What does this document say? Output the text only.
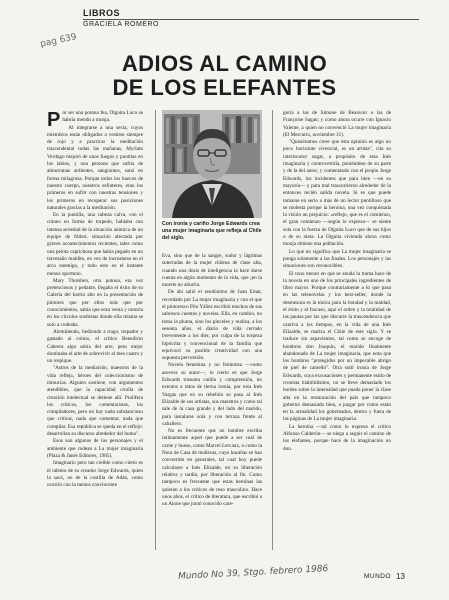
LIBROS
GRACIELA ROMERO
pag 639
ADIOS AL CAMINO
DE LOS ELEFANTES

Por ser una potona fea, Olguita Luco se habría metido a monja.

Al integrarse a una secta, cuyos miembros están obligados a vestirse siempre de rojo y a practicar la meditación trascendental todas las mañanas, Myriam Verdugo mejoró de unos fuegos y puntitas en los labios, y una persona que sufría de almorranas ardientes, sangrantes, sanó en forma milagrosa. Porque todos los huecos de nuestro cuerpo, nuestros esfínteres, eran los primeros en sufrir con nuestras tensiones y los primeros en recuperar sus posiciones naturales gracias a la meditación.

En la puntilla, una cabeza calva, con el cráneo en forma de torpedo, hablaba con intensa seriedad de la situación anímica de un equipo de fútbol, situación afectada por graves acontecimientos recientes, tales como una pelota caprichosa que había pegado en un travesaño maldito, en vez de incrustarse en el arco enemigo, y todo esto en el instante menos oportuno.

Mary Thorsben, otra potona, era vez pretenciosos y pedante, llegaba el éxito de su Galería del barrio alto en la presentación de pintores que por ellos más que por conocimientos, sabía que eran venta y notoria en los círculos snobistas donde ella misma se solo a codeaba.

Alemitiendo, hediondo a trago, trepador y gastado al colmo, el crítico Benedicto Cabrera algo sabía del arte, pero mejor dominaba el arte de sobrevivir al mes cuatro y un respique.

"Astros de la mediación, maestros de la vida refleja, héroes del coleccionismo de minucias. Alguien sostiene, con argumentos atendibles, que la capacidad criolla de creación intelectual se detiene allí. Prolifera los críticos, los comentaristas, los compiladores, pero no hay nada substancioso que criticar, nada que comentar, nada que compilar. Esa república se queda en el reflejo: desarrollan su discurso alrededor del humo".

Esos son algunos de los personajes y el ambiente que rodean a La mujer imaginaria (Plaza & Janés Editores, 1985).

Imaginario pero tan creíble como cierto es el talento de su creador Jorge Edwards, quien la sacó, no de la costilla de Adán, como ocurrió con la menos convincente

Con ironía y cariño Jorge Edwards crea una mujer imaginaria que refleja al Chile del siglo.

Eva, sino que de la sangre, sudor y lágrimas soterradas de la mujer chilena de clase alta, cuando una dosis de inteligencia la hace darse cuenta en algún momento de la vida, que ¡en la muerte no aburría.

De ahí salió el seudónimo de Juan Emar, recordado por La mujer imaginaria y con el que el pintoresco Pilo Yáñez escribió muchos de sus sabrosos cuentos y novelas. Ella, en cambio, no toma la pluma, sino los pinceles y realiza, a los sesenta años, el diario de vida cerrado brevemente a los dier, por culpa de la torpeza hipócrita y convencional de la familia que equivocó su posible creatividad con una supuesta perversión.

Novela femenina y no feminista —como asevera su autor—, lo cierto es que Jorge Edwards trasunta cariño y comprensión, no exentos a ratos de tierna ironía, por esta Inés Vargas que en su rebelión se pasa al Inés Elizalde de sus artistas, sus maestros y como tal sale de la casa grande y del lado del marido, para instalarse sola y con terraza frente al caballero.

No es frecuente que un hombre escriba íntimamente aquel que puede a ser cuál de carne y hueso, como Marcel Lercaux, o como la Nora de Casa de muñecas, cuyo hazañas se han convertido en generales, tal cual hoy puede calcularse a Inés Elizalde, en su liberación relativa y tardía, por liberación al fin. Como tampoco es frecuente que estas heroínas las quieran a los críticos de reso masculino. Hace unos años, el crítico de literatura, que escribió a un Alone que juntó conocido care-

goría a las de Simone de Beauvoir o las de Françoise Sagan; y como ahora ocurre con Ignacio Valente, a quien no convenció La mujer imaginaria (El Mercurio, noviembre 31).

"Quisiéramos creer que esta opinión es algo no poco horizonte vivencial, es un artista", cita su interlocutor sugar, a propósito de esta Inés imaginaria y controvertida, poniéndose de su parte y de la del autor, y comentando con el propio Jorge Edwards, los incidentes que para bien —en su mayoría— y para mal trascurrieron alrededor de la entonces recién salida novela. Si es que puede tomarse en serio a más de un lector puntilloso que se molesta porque la heroína, una vez conquistada la visión un prejuicio: «reflejo, que es el comienzo, el gran comienzo —según lo expresa— se siente sola con la fuerza de Olguita Luco que de sus hijos o de su nieta. La Olguita viviendo ahora como monja obtiene una población.

Lo que no significa que La mujer imaginaria se ponga solamente a las finales. Los personajes y las situaciones son reconocibles.

El tono menor en que se anuda la trama hace de la novela en uno de los principales ingredientes de libro mayor. Porque contrariamente a lo que pasa en las telenovelas y los best-seller, donde la desmesura es la tónica para la bondad y la maldad, el éxito y el fracaso, aquí el orden y la totalidad de las pautas por las que discurre la trascendencia que cautiva a los tiempos, en la vida de una Inés Elizalde, se matiza el Chile de este siglo. Y se traduce sin aspavientos, tal como se encoge de hombros don Joaquín, el marido finalmente abandonado de La mujer imaginaria, que nota que los hombres "protegidos por un impecable abrigo de piel de camello". Otra sutil ironía de Jorge Edwards, cuya excusaciones y permanente estilo de cronista hiabilidisimo, no se lleve demasiado los bordes sobre la intensidad que pueda poner la clase alta en la restauración del país que tampoco gobernó demasiado bien, a juzgar por como están en la actualidad los gobernados, dentro y fuera de las páginas de La mujer imaginaria.

La heroína —tal como lo expresa el crítico Alfonso Calderón— se niega a seguir el camino de los elefantes, porque hace de la imaginación un don.

Mundo No 39, Stgo. febrero 1986	MUNDO 13
